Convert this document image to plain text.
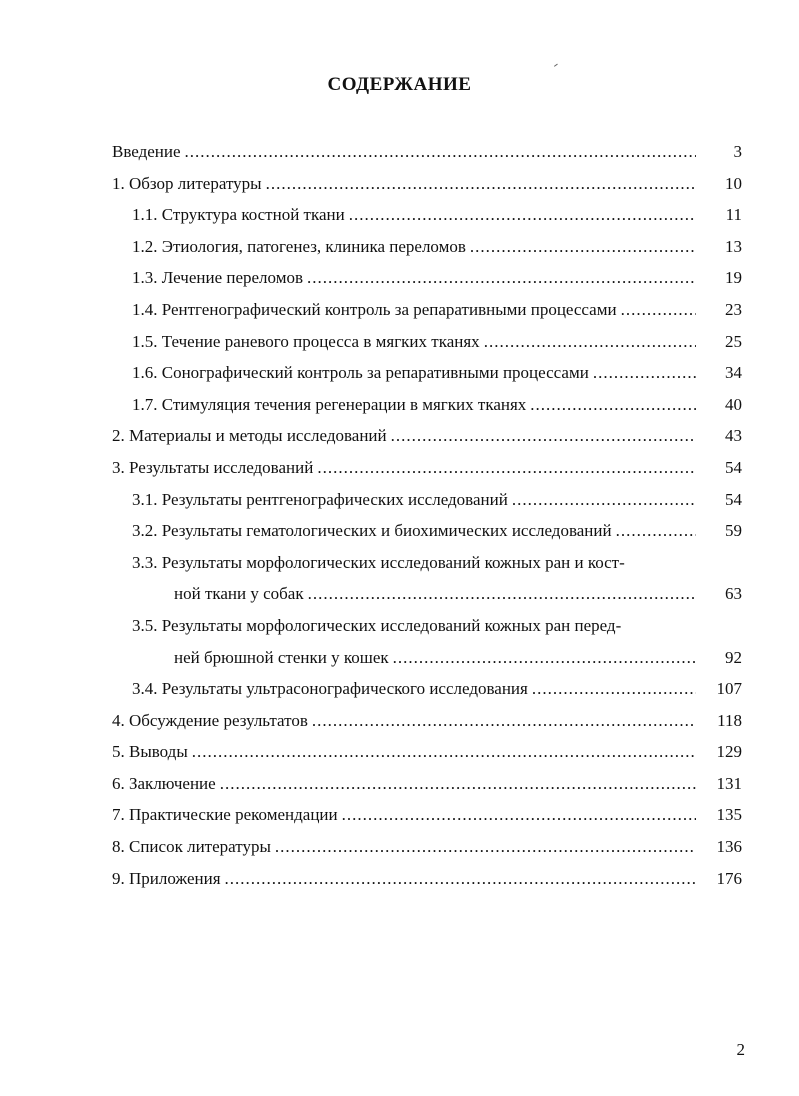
СОДЕРЖАНИЕ
Введение .....	3
1. Обзор литературы .....	10
1.1. Структура костной ткани .....	11
1.2. Этиология, патогенез, клиника переломов .....	13
1.3. Лечение переломов .....	19
1.4. Рентгенографический контроль за репаративными процессами .....	23
1.5. Течение раневого процесса в мягких тканях .....	25
1.6. Сонографический контроль за репаративными процессами .....	34
1.7. Стимуляция течения регенерации в мягких тканях .....	40
2. Материалы и методы исследований .....	43
3. Результаты исследований .....	54
3.1. Результаты рентгенографических исследований .....	54
3.2. Результаты гематологических и биохимических исследований .....	59
3.3. Результаты морфологических исследований кожных ран и кост-
ной ткани у собак .....	63
3.5. Результаты морфологических исследований кожных ран перед-
ней брюшной стенки у кошек .....	92
3.4. Результаты ультрасонографического исследования .....	107
4. Обсуждение результатов .....	118
5. Выводы .....	129
6. Заключение .....	131
7. Практические рекомендации .....	135
8. Список литературы .....	136
9. Приложения .....	176
2
